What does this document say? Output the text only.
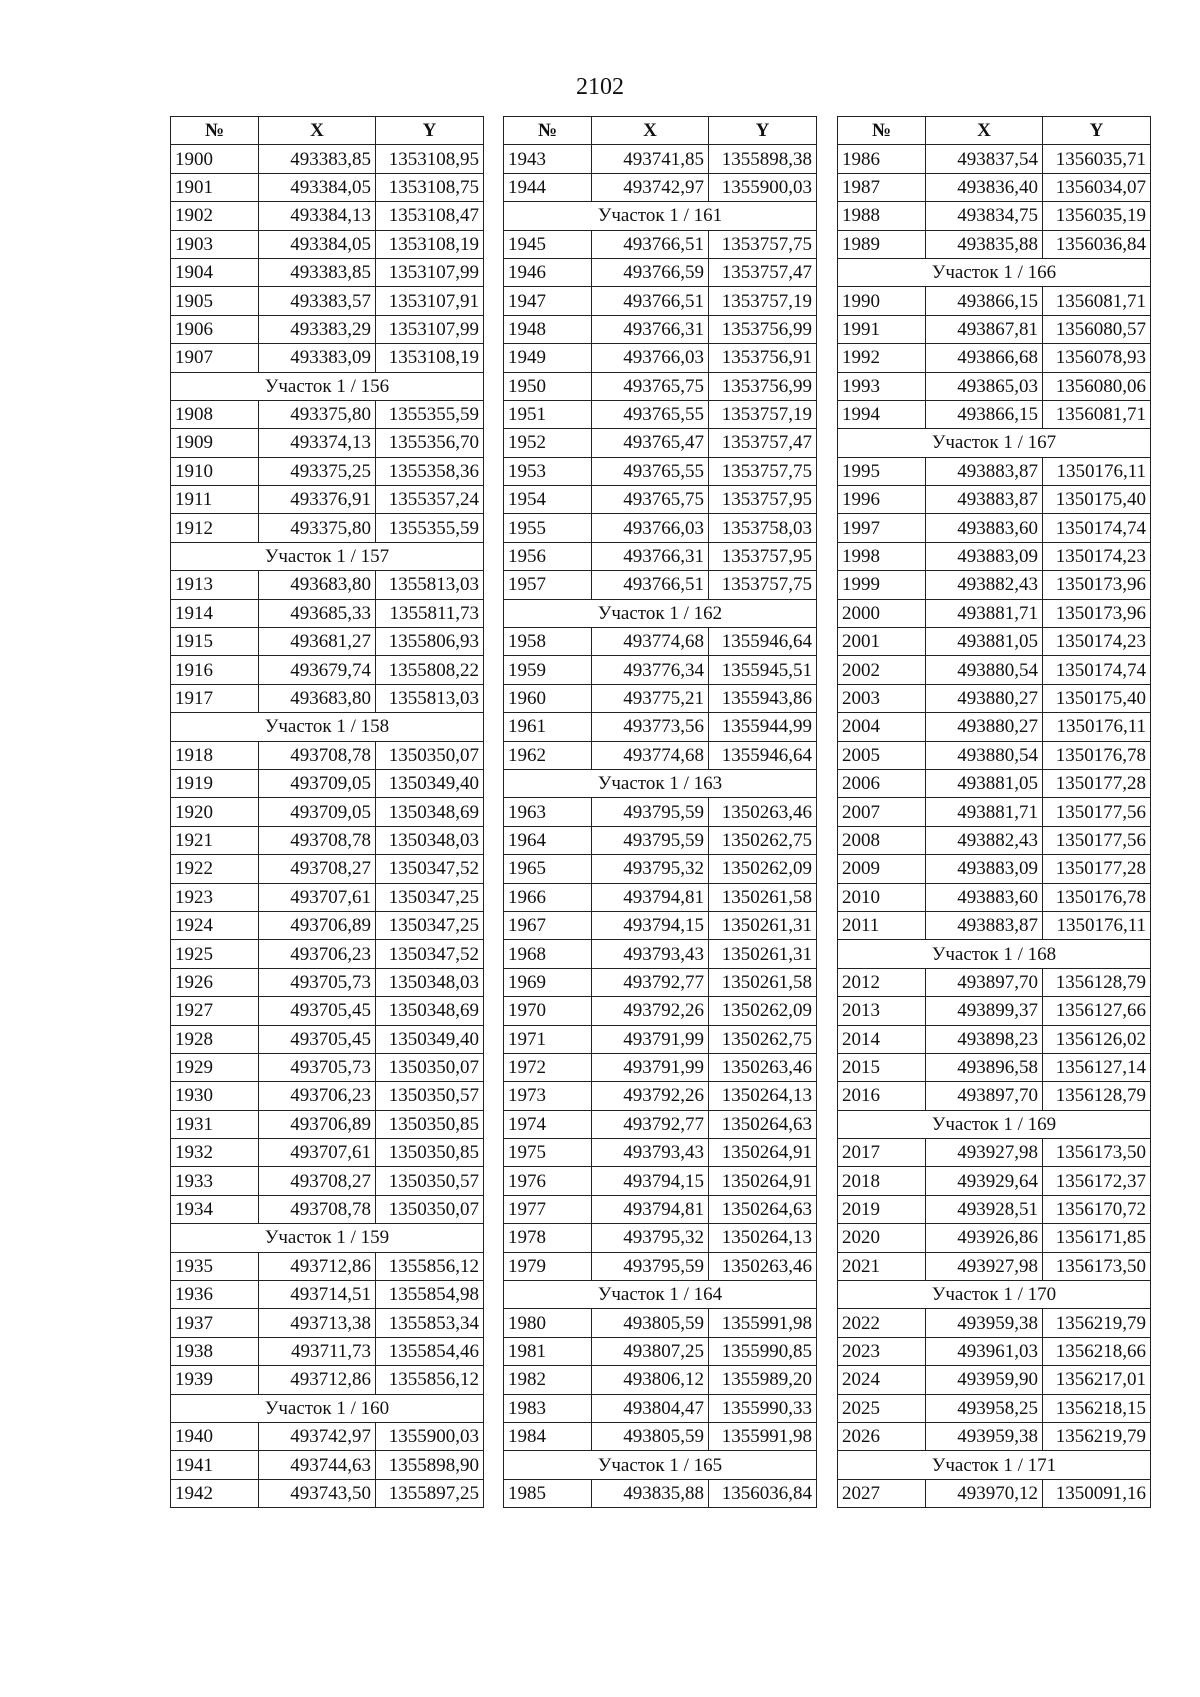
2102
№	X	Y
1900	493383,85	1353108,95
1901	493384,05	1353108,75
1902	493384,13	1353108,47
1903	493384,05	1353108,19
1904	493383,85	1353107,99
1905	493383,57	1353107,91
1906	493383,29	1353107,99
1907	493383,09	1353108,19
Участок 1 / 156		
1908	493375,80	1355355,59
1909	493374,13	1355356,70
1910	493375,25	1355358,36
1911	493376,91	1355357,24
1912	493375,80	1355355,59
Участок 1 / 157		
1913	493683,80	1355813,03
1914	493685,33	1355811,73
1915	493681,27	1355806,93
1916	493679,74	1355808,22
1917	493683,80	1355813,03
Участок 1 / 158		
1918	493708,78	1350350,07
1919	493709,05	1350349,40
1920	493709,05	1350348,69
1921	493708,78	1350348,03
1922	493708,27	1350347,52
1923	493707,61	1350347,25
1924	493706,89	1350347,25
1925	493706,23	1350347,52
1926	493705,73	1350348,03
1927	493705,45	1350348,69
1928	493705,45	1350349,40
1929	493705,73	1350350,07
1930	493706,23	1350350,57
1931	493706,89	1350350,85
1932	493707,61	1350350,85
1933	493708,27	1350350,57
1934	493708,78	1350350,07
Участок 1 / 159		
1935	493712,86	1355856,12
1936	493714,51	1355854,98
1937	493713,38	1355853,34
1938	493711,73	1355854,46
1939	493712,86	1355856,12
Участок 1 / 160		
1940	493742,97	1355900,03
1941	493744,63	1355898,90
1942	493743,50	1355897,25
№	X	Y
1943	493741,85	1355898,38
1944	493742,97	1355900,03
Участок 1 / 161		
1945	493766,51	1353757,75
1946	493766,59	1353757,47
1947	493766,51	1353757,19
1948	493766,31	1353756,99
1949	493766,03	1353756,91
1950	493765,75	1353756,99
1951	493765,55	1353757,19
1952	493765,47	1353757,47
1953	493765,55	1353757,75
1954	493765,75	1353757,95
1955	493766,03	1353758,03
1956	493766,31	1353757,95
1957	493766,51	1353757,75
Участок 1 / 162		
1958	493774,68	1355946,64
1959	493776,34	1355945,51
1960	493775,21	1355943,86
1961	493773,56	1355944,99
1962	493774,68	1355946,64
Участок 1 / 163		
1963	493795,59	1350263,46
1964	493795,59	1350262,75
1965	493795,32	1350262,09
1966	493794,81	1350261,58
1967	493794,15	1350261,31
1968	493793,43	1350261,31
1969	493792,77	1350261,58
1970	493792,26	1350262,09
1971	493791,99	1350262,75
1972	493791,99	1350263,46
1973	493792,26	1350264,13
1974	493792,77	1350264,63
1975	493793,43	1350264,91
1976	493794,15	1350264,91
1977	493794,81	1350264,63
1978	493795,32	1350264,13
1979	493795,59	1350263,46
Участок 1 / 164		
1980	493805,59	1355991,98
1981	493807,25	1355990,85
1982	493806,12	1355989,20
1983	493804,47	1355990,33
1984	493805,59	1355991,98
Участок 1 / 165		
1985	493835,88	1356036,84
№	X	Y
1986	493837,54	1356035,71
1987	493836,40	1356034,07
1988	493834,75	1356035,19
1989	493835,88	1356036,84
Участок 1 / 166		
1990	493866,15	1356081,71
1991	493867,81	1356080,57
1992	493866,68	1356078,93
1993	493865,03	1356080,06
1994	493866,15	1356081,71
Участок 1 / 167		
1995	493883,87	1350176,11
1996	493883,87	1350175,40
1997	493883,60	1350174,74
1998	493883,09	1350174,23
1999	493882,43	1350173,96
2000	493881,71	1350173,96
2001	493881,05	1350174,23
2002	493880,54	1350174,74
2003	493880,27	1350175,40
2004	493880,27	1350176,11
2005	493880,54	1350176,78
2006	493881,05	1350177,28
2007	493881,71	1350177,56
2008	493882,43	1350177,56
2009	493883,09	1350177,28
2010	493883,60	1350176,78
2011	493883,87	1350176,11
Участок 1 / 168		
2012	493897,70	1356128,79
2013	493899,37	1356127,66
2014	493898,23	1356126,02
2015	493896,58	1356127,14
2016	493897,70	1356128,79
Участок 1 / 169		
2017	493927,98	1356173,50
2018	493929,64	1356172,37
2019	493928,51	1356170,72
2020	493926,86	1356171,85
2021	493927,98	1356173,50
Участок 1 / 170		
2022	493959,38	1356219,79
2023	493961,03	1356218,66
2024	493959,90	1356217,01
2025	493958,25	1356218,15
2026	493959,38	1356219,79
Участок 1 / 171		
2027	493970,12	1350091,16
